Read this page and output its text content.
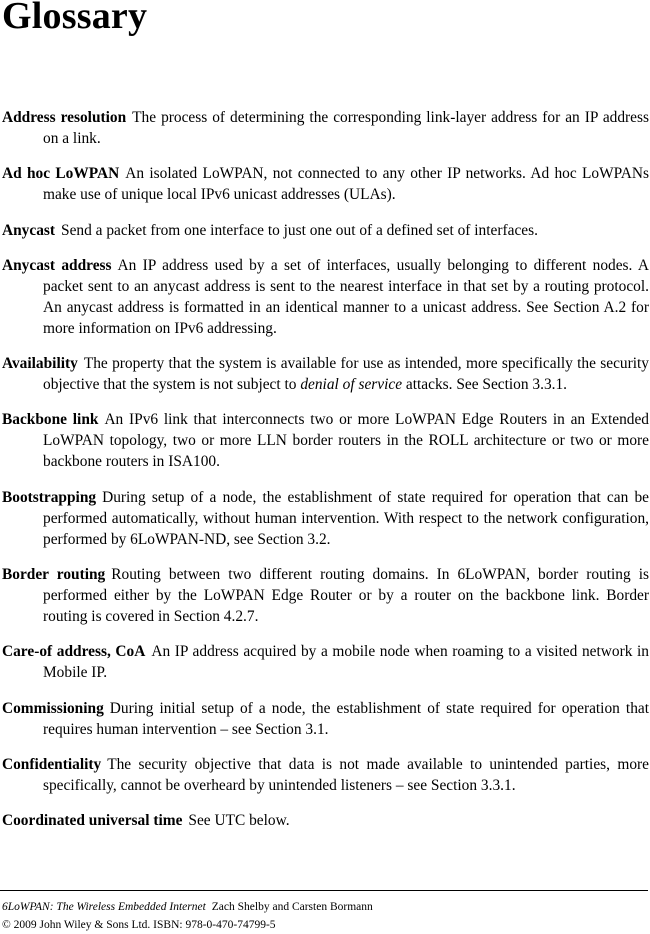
Glossary

Address resolution The process of determining the corresponding link-layer address for an IP address on a link.

Ad hoc LoWPAN An isolated LoWPAN, not connected to any other IP networks. Ad hoc LoWPANs make use of unique local IPv6 unicast addresses (ULAs).

Anycast Send a packet from one interface to just one out of a defined set of interfaces.

Anycast address An IP address used by a set of interfaces, usually belonging to different nodes. A packet sent to an anycast address is sent to the nearest interface in that set by a routing protocol. An anycast address is formatted in an identical manner to a unicast address. See Section A.2 for more information on IPv6 addressing.

Availability The property that the system is available for use as intended, more specifically the security objective that the system is not subject to denial of service attacks. See Section 3.3.1.

Backbone link An IPv6 link that interconnects two or more LoWPAN Edge Routers in an Extended LoWPAN topology, two or more LLN border routers in the ROLL architecture or two or more backbone routers in ISA100.

Bootstrapping During setup of a node, the establishment of state required for operation that can be performed automatically, without human intervention. With respect to the network configuration, performed by 6LoWPAN-ND, see Section 3.2.

Border routing Routing between two different routing domains. In 6LoWPAN, border routing is performed either by the LoWPAN Edge Router or by a router on the backbone link. Border routing is covered in Section 4.2.7.

Care-of address, CoA An IP address acquired by a mobile node when roaming to a visited network in Mobile IP.

Commissioning During initial setup of a node, the establishment of state required for operation that requires human intervention – see Section 3.1.

Confidentiality The security objective that data is not made available to unintended parties, more specifically, cannot be overheard by unintended listeners – see Section 3.3.1.

Coordinated universal time See UTC below.

6LoWPAN: The Wireless Embedded Internet Zach Shelby and Carsten Bormann
© 2009 John Wiley & Sons Ltd. ISBN: 978-0-470-74799-5
